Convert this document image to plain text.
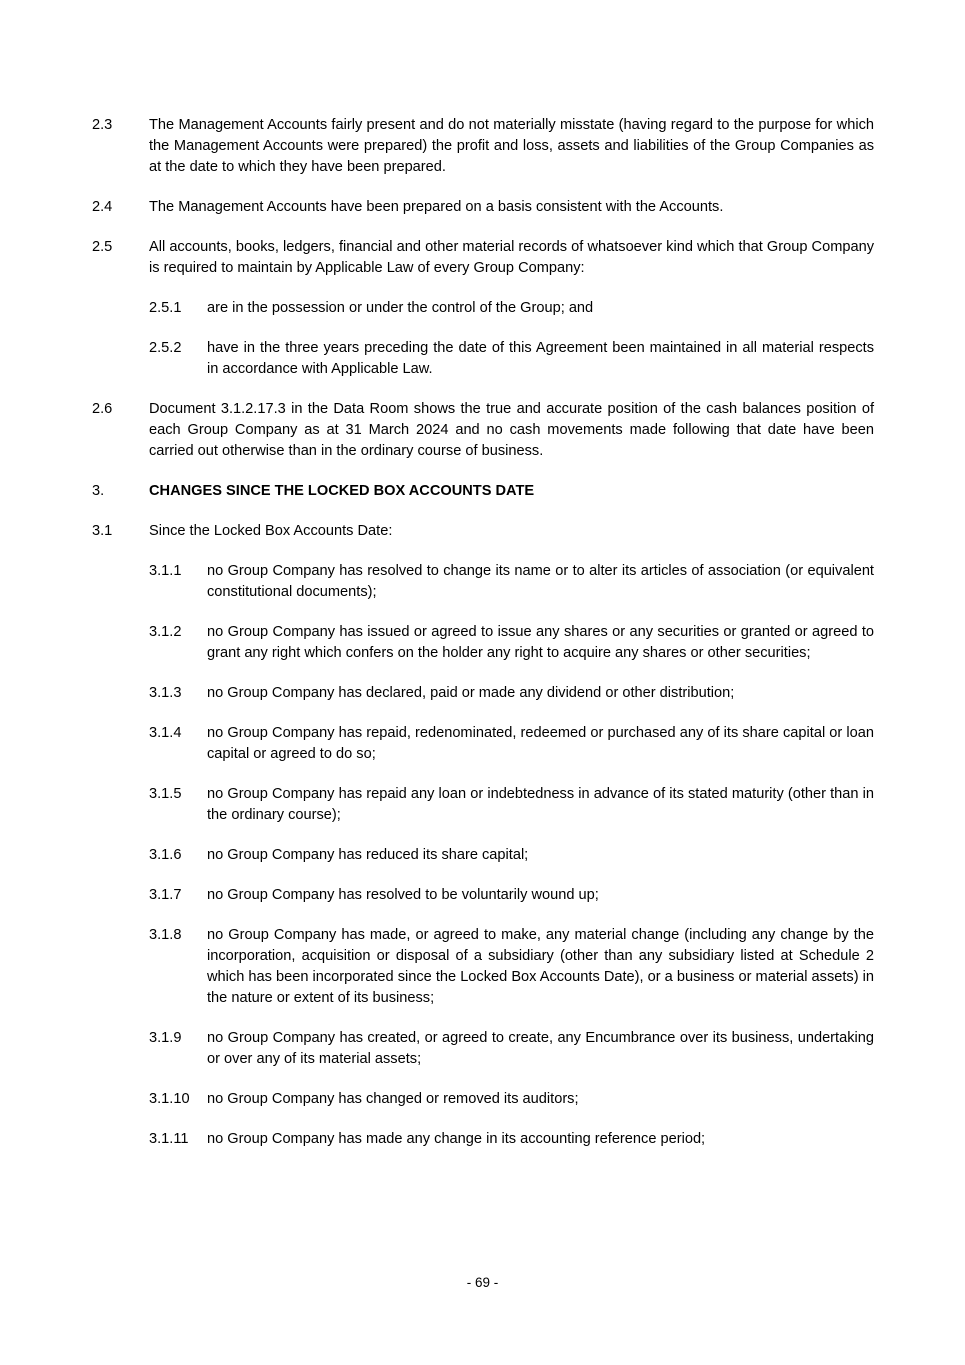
2.3	The Management Accounts fairly present and do not materially misstate (having regard to the purpose for which the Management Accounts were prepared) the profit and loss, assets and liabilities of the Group Companies as at the date to which they have been prepared.
2.4	The Management Accounts have been prepared on a basis consistent with the Accounts.
2.5	All accounts, books, ledgers, financial and other material records of whatsoever kind which that Group Company is required to maintain by Applicable Law of every Group Company:
2.5.1	are in the possession or under the control of the Group; and
2.5.2	have in the three years preceding the date of this Agreement been maintained in all material respects in accordance with Applicable Law.
2.6	Document 3.1.2.17.3 in the Data Room shows the true and accurate position of the cash balances position of each Group Company as at 31 March 2024 and no cash movements made following that date have been carried out otherwise than in the ordinary course of business.
3.	CHANGES SINCE THE LOCKED BOX ACCOUNTS DATE
3.1	Since the Locked Box Accounts Date:
3.1.1	no Group Company has resolved to change its name or to alter its articles of association (or equivalent constitutional documents);
3.1.2	no Group Company has issued or agreed to issue any shares or any securities or granted or agreed to grant any right which confers on the holder any right to acquire any shares or other securities;
3.1.3	no Group Company has declared, paid or made any dividend or other distribution;
3.1.4	no Group Company has repaid, redenominated, redeemed or purchased any of its share capital or loan capital or agreed to do so;
3.1.5	no Group Company has repaid any loan or indebtedness in advance of its stated maturity (other than in the ordinary course);
3.1.6	no Group Company has reduced its share capital;
3.1.7	no Group Company has resolved to be voluntarily wound up;
3.1.8	no Group Company has made, or agreed to make, any material change (including any change by the incorporation, acquisition or disposal of a subsidiary (other than any subsidiary listed at Schedule 2 which has been incorporated since the Locked Box Accounts Date), or a business or material assets) in the nature or extent of its business;
3.1.9	no Group Company has created, or agreed to create, any Encumbrance over its business, undertaking or over any of its material assets;
3.1.10	no Group Company has changed or removed its auditors;
3.1.11	no Group Company has made any change in its accounting reference period;
- 69 -
